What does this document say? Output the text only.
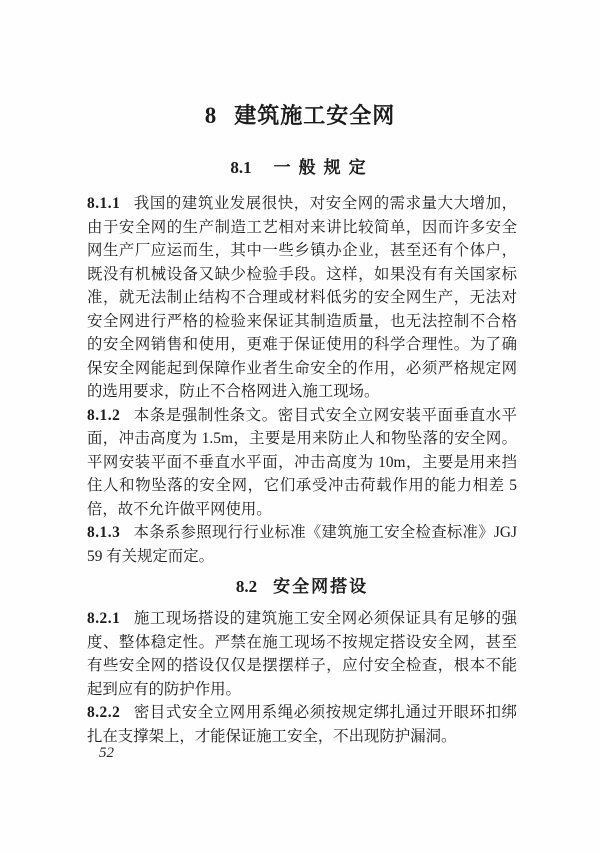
8 建筑施工安全网
8.1 一般规定

8.1.1 我国的建筑业发展很快，对安全网的需求量大大增加，由于安全网的生产制造工艺相对来讲比较简单，因而许多安全网生产厂应运而生，其中一些乡镇办企业，甚至还有个体户，既没有机械设备又缺少检验手段。这样，如果没有有关国家标准，就无法制止结构不合理或材料低劣的安全网生产，无法对安全网进行严格的检验来保证其制造质量，也无法控制不合格的安全网销售和使用，更难于保证使用的科学合理性。为了确保安全网能起到保障作业者生命安全的作用，必须严格规定网的选用要求，防止不合格网进入施工现场。

8.1.2 本条是强制性条文。密目式安全立网安装平面垂直水平面，冲击高度为 1.5m，主要是用来防止人和物坠落的安全网。平网安装平面不垂直水平面，冲击高度为 10m，主要是用来挡住人和物坠落的安全网，它们承受冲击荷载作用的能力相差 5 倍，故不允许做平网使用。

8.1.3 本条系参照现行行业标准《建筑施工安全检查标准》JGJ 59 有关规定而定。

8.2 安全网搭设

8.2.1 施工现场搭设的建筑施工安全网必须保证具有足够的强度、整体稳定性。严禁在施工现场不按规定搭设安全网，甚至有些安全网的搭设仅仅是摆摆样子，应付安全检查，根本不能起到应有的防护作用。

8.2.2 密目式安全立网用系绳必须按规定绑扎通过开眼环扣绑扎在支撑架上，才能保证施工安全，不出现防护漏洞。

52
